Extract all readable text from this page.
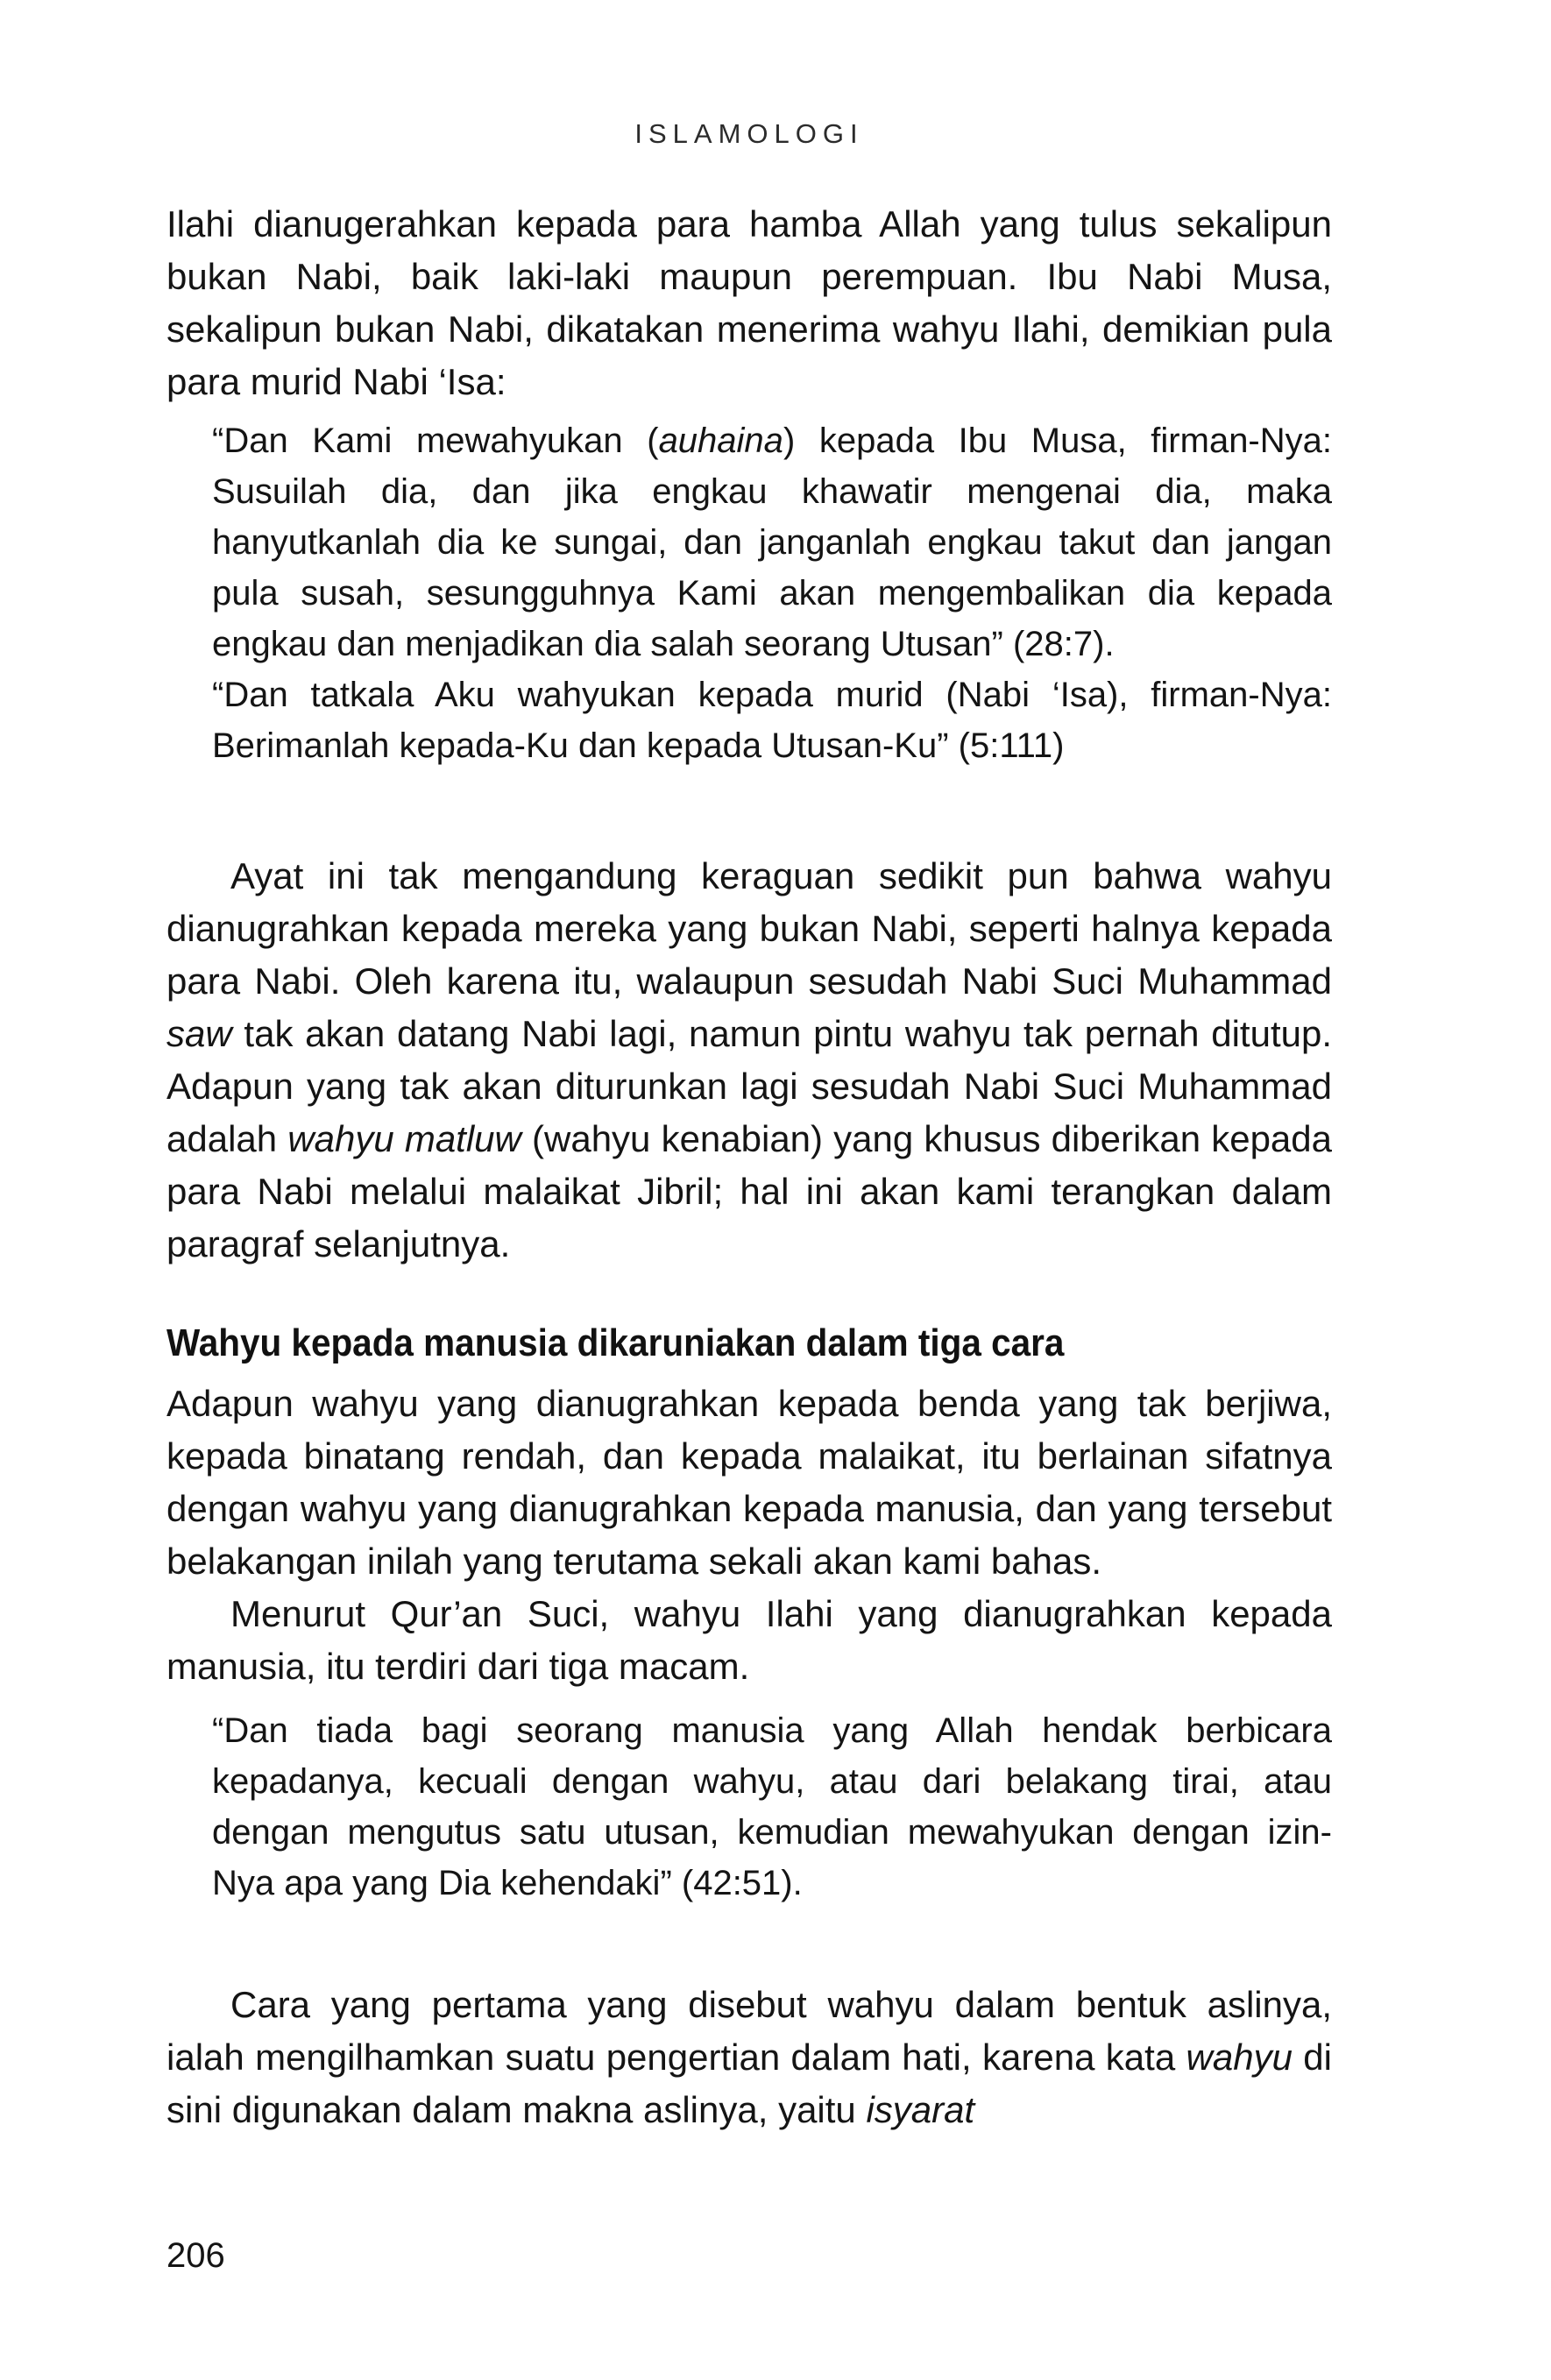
ISLAMOLOGI

Ilahi dianugerahkan kepada para hamba Allah yang tulus sekalipun bukan Nabi, baik laki-laki maupun perempuan. Ibu Nabi Musa, sekalipun bukan Nabi, dikatakan menerima wahyu Ilahi, demikian pula para murid Nabi ‘Isa:

“Dan Kami mewahyukan (auhaina) kepada Ibu Musa, firman-Nya: Susuilah dia, dan jika engkau khawatir mengenai dia, maka hanyutkanlah dia ke sungai, dan janganlah engkau takut dan jangan pula susah, sesungguhnya Kami akan mengembalikan dia kepada engkau dan menjadikan dia salah seorang Utusan” (28:7).

“Dan tatkala Aku wahyukan kepada murid (Nabi ‘Isa), firman-Nya: Berimanlah kepada-Ku dan kepada Utusan-Ku” (5:111)

Ayat ini tak mengandung keraguan sedikit pun bahwa wahyu dianugrahkan kepada mereka yang bukan Nabi, seperti halnya kepada para Nabi. Oleh karena itu, walaupun sesudah Nabi Suci Muhammad saw tak akan datang Nabi lagi, namun pintu wahyu tak pernah ditutup. Adapun yang tak akan diturunkan lagi sesudah Nabi Suci Muhammad adalah wahyu matluw (wahyu kenabian) yang khusus diberikan kepada para Nabi melalui malaikat Jibril; hal ini akan kami terangkan dalam paragraf selanjutnya.

Wahyu kepada manusia dikaruniakan dalam tiga cara

Adapun wahyu yang dianugrahkan kepada benda yang tak berjiwa, kepada binatang rendah, dan kepada malaikat, itu berlainan sifatnya dengan wahyu yang dianugrahkan kepada manusia, dan yang tersebut belakangan inilah yang terutama sekali akan kami bahas.

Menurut Qur’an Suci, wahyu Ilahi yang dianugrahkan kepada manusia, itu terdiri dari tiga macam.

“Dan tiada bagi seorang manusia yang Allah hendak berbicara kepadanya, kecuali dengan wahyu, atau dari belakang tirai, atau dengan mengutus satu utusan, kemudian mewahyukan dengan izin-Nya apa yang Dia kehendaki” (42:51).

Cara yang pertama yang disebut wahyu dalam bentuk aslinya, ialah mengilhamkan suatu pengertian dalam hati, karena kata wahyu di sini digunakan dalam makna aslinya, yaitu isyarat

206
